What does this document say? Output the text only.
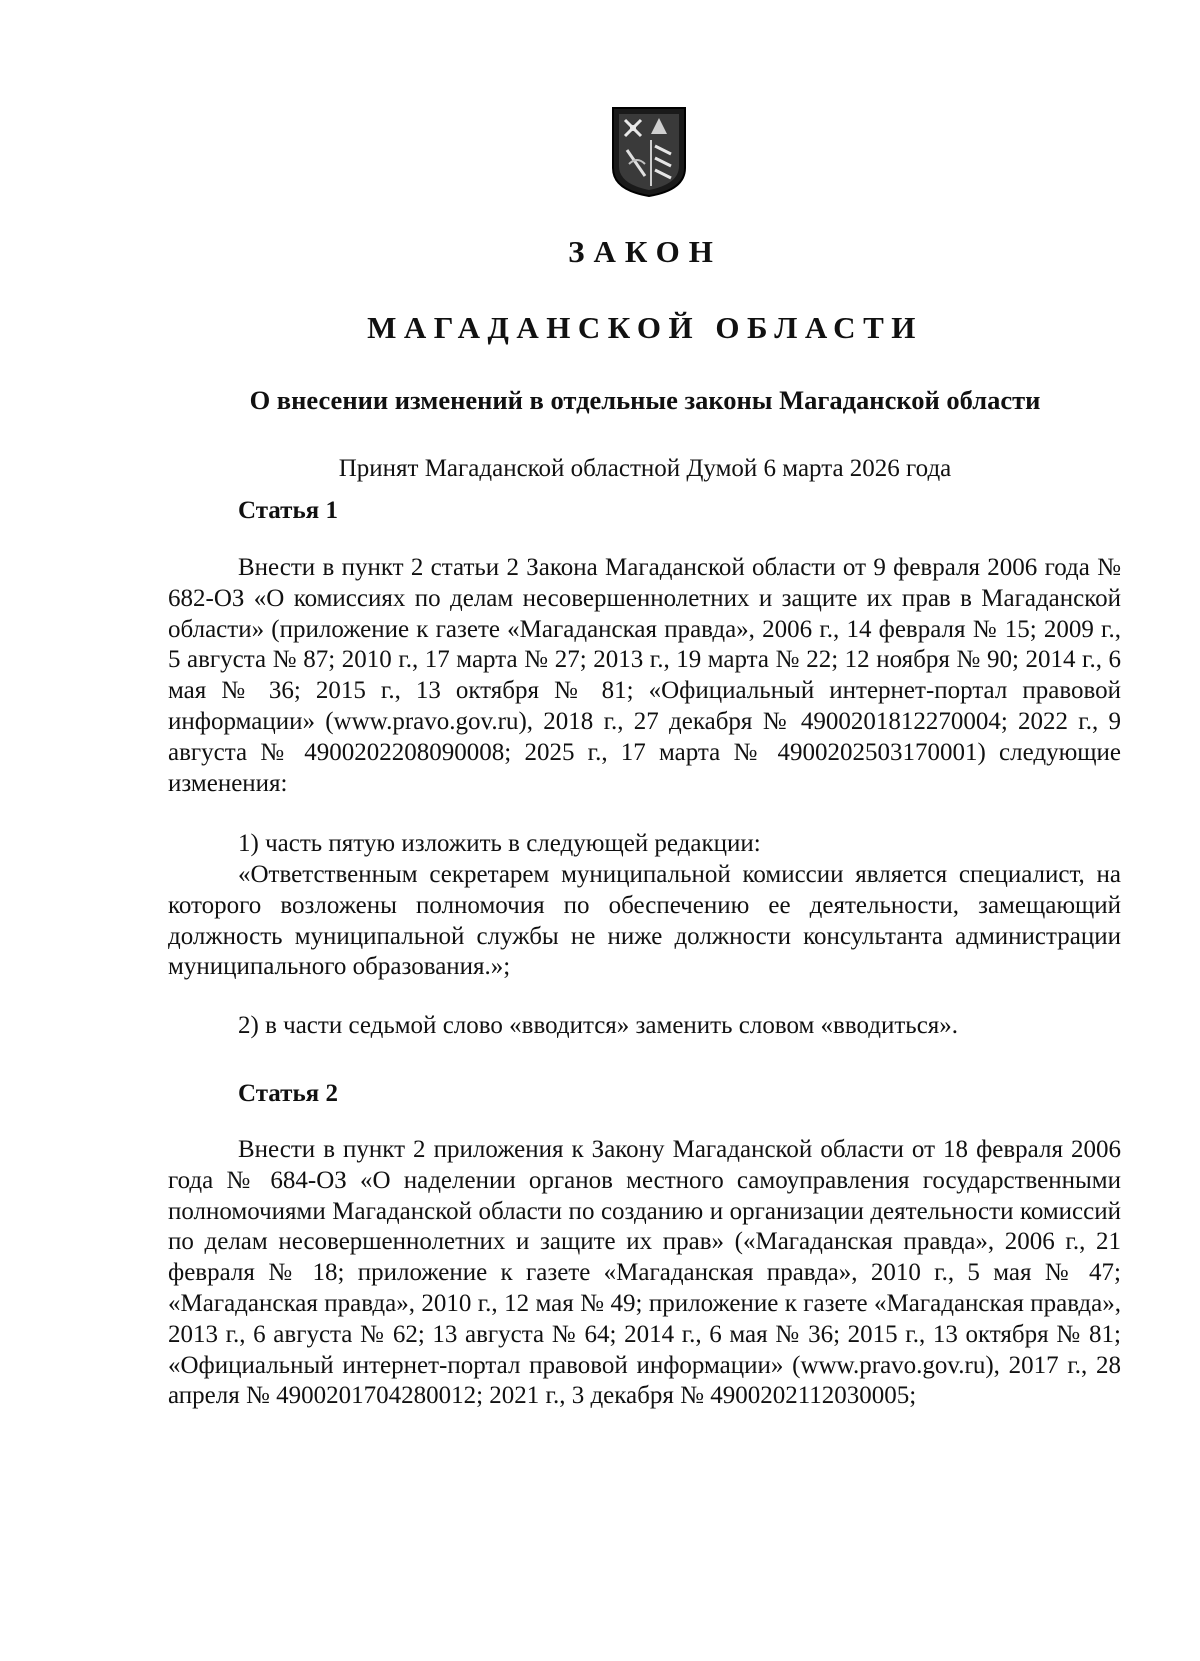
ЗАКОН
МАГАДАНСКОЙ ОБЛАСТИ
О внесении изменений в отдельные законы Магаданской области
Принят Магаданской областной Думой 6 марта 2026 года
Статья 1
Внести в пункт 2 статьи 2 Закона Магаданской области от 9 февраля 2006 года № 682-ОЗ «О комиссиях по делам несовершеннолетних и защите их прав в Магаданской области» (приложение к газете «Магаданская правда», 2006 г., 14 февраля № 15; 2009 г., 5 августа № 87; 2010 г., 17 марта № 27; 2013 г., 19 марта № 22; 12 ноября № 90; 2014 г., 6 мая № 36; 2015 г., 13 октября № 81; «Официальный интернет-портал правовой информации» (www.pravo.gov.ru), 2018 г., 27 декабря № 4900201812270004; 2022 г., 9 августа № 4900202208090008; 2025 г., 17 марта № 4900202503170001) следующие изменения:
1) часть пятую изложить в следующей редакции:
«Ответственным секретарем муниципальной комиссии является специалист, на которого возложены полномочия по обеспечению ее деятельности, замещающий должность муниципальной службы не ниже должности консультанта администрации муниципального образования.»;
2) в части седьмой слово «вводится» заменить словом «вводиться».
Статья 2
Внести в пункт 2 приложения к Закону Магаданской области от 18 февраля 2006 года № 684-ОЗ «О наделении органов местного самоуправления государственными полномочиями Магаданской области по созданию и организации деятельности комиссий по делам несовершеннолетних и защите их прав» («Магаданская правда», 2006 г., 21 февраля № 18; приложение к газете «Магаданская правда», 2010 г., 5 мая № 47; «Магаданская правда», 2010 г., 12 мая № 49; приложение к газете «Магаданская правда», 2013 г., 6 августа № 62; 13 августа № 64; 2014 г., 6 мая № 36; 2015 г., 13 октября № 81; «Официальный интернет-портал правовой информации» (www.pravo.gov.ru), 2017 г., 28 апреля № 4900201704280012; 2021 г., 3 декабря № 4900202112030005;
